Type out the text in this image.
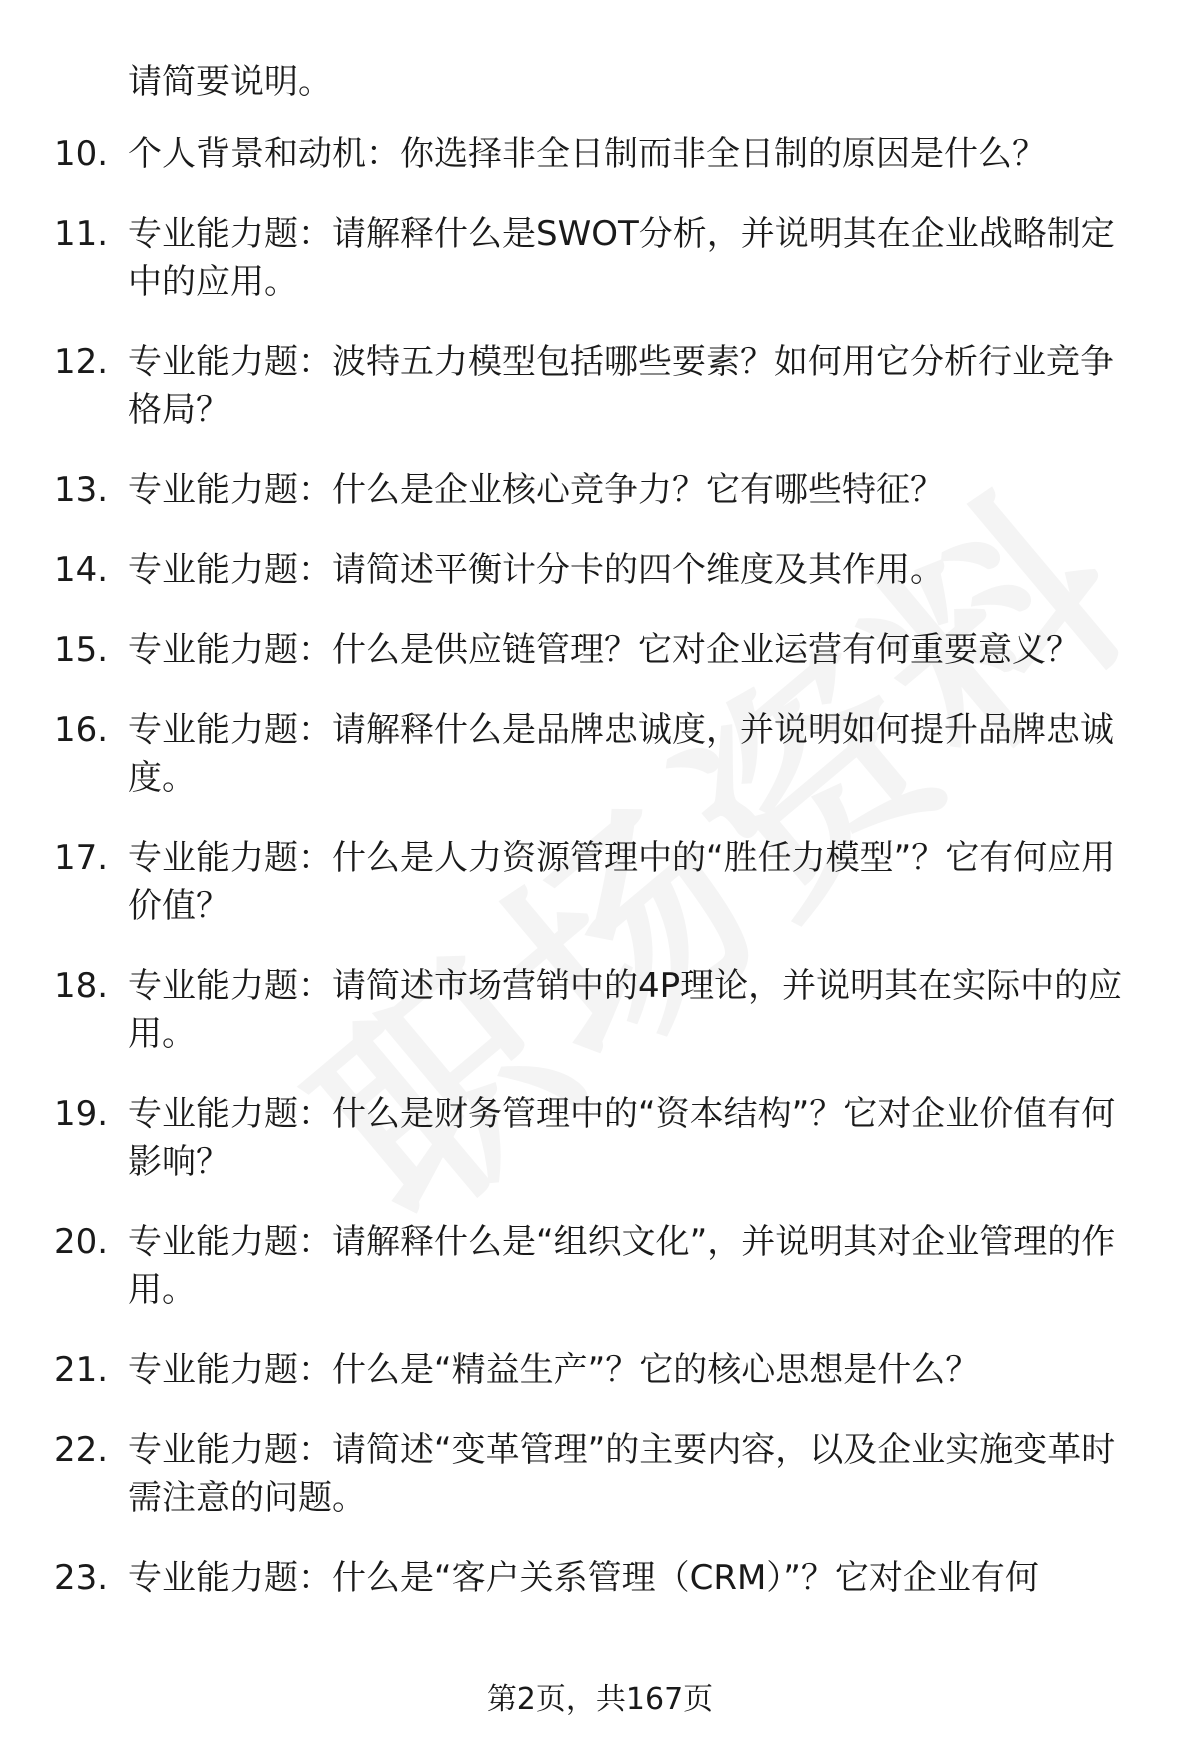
请简要说明。

10. 个人背景和动机：你选择非全日制而非全日制的原因是什么？
11. 专业能力题：请解释什么是SWOT分析，并说明其在企业战略制定中的应用。
12. 专业能力题：波特五力模型包括哪些要素？如何用它分析行业竞争格局？
13. 专业能力题：什么是企业核心竞争力？它有哪些特征？
14. 专业能力题：请简述平衡计分卡的四个维度及其作用。
15. 专业能力题：什么是供应链管理？它对企业运营有何重要意义？
16. 专业能力题：请解释什么是品牌忠诚度，并说明如何提升品牌忠诚度。
17. 专业能力题：什么是人力资源管理中的“胜任力模型”？它有何应用价值？
18. 专业能力题：请简述市场营销中的4P理论，并说明其在实际中的应用。
19. 专业能力题：什么是财务管理中的“资本结构”？它对企业价值有何影响？
20. 专业能力题：请解释什么是“组织文化”，并说明其对企业管理的作用。
21. 专业能力题：什么是“精益生产”？它的核心思想是什么？
22. 专业能力题：请简述“变革管理”的主要内容，以及企业实施变革时需注意的问题。
23. 专业能力题：什么是“客户关系管理（CRM）”？它对企业有何
第2页，共167页
